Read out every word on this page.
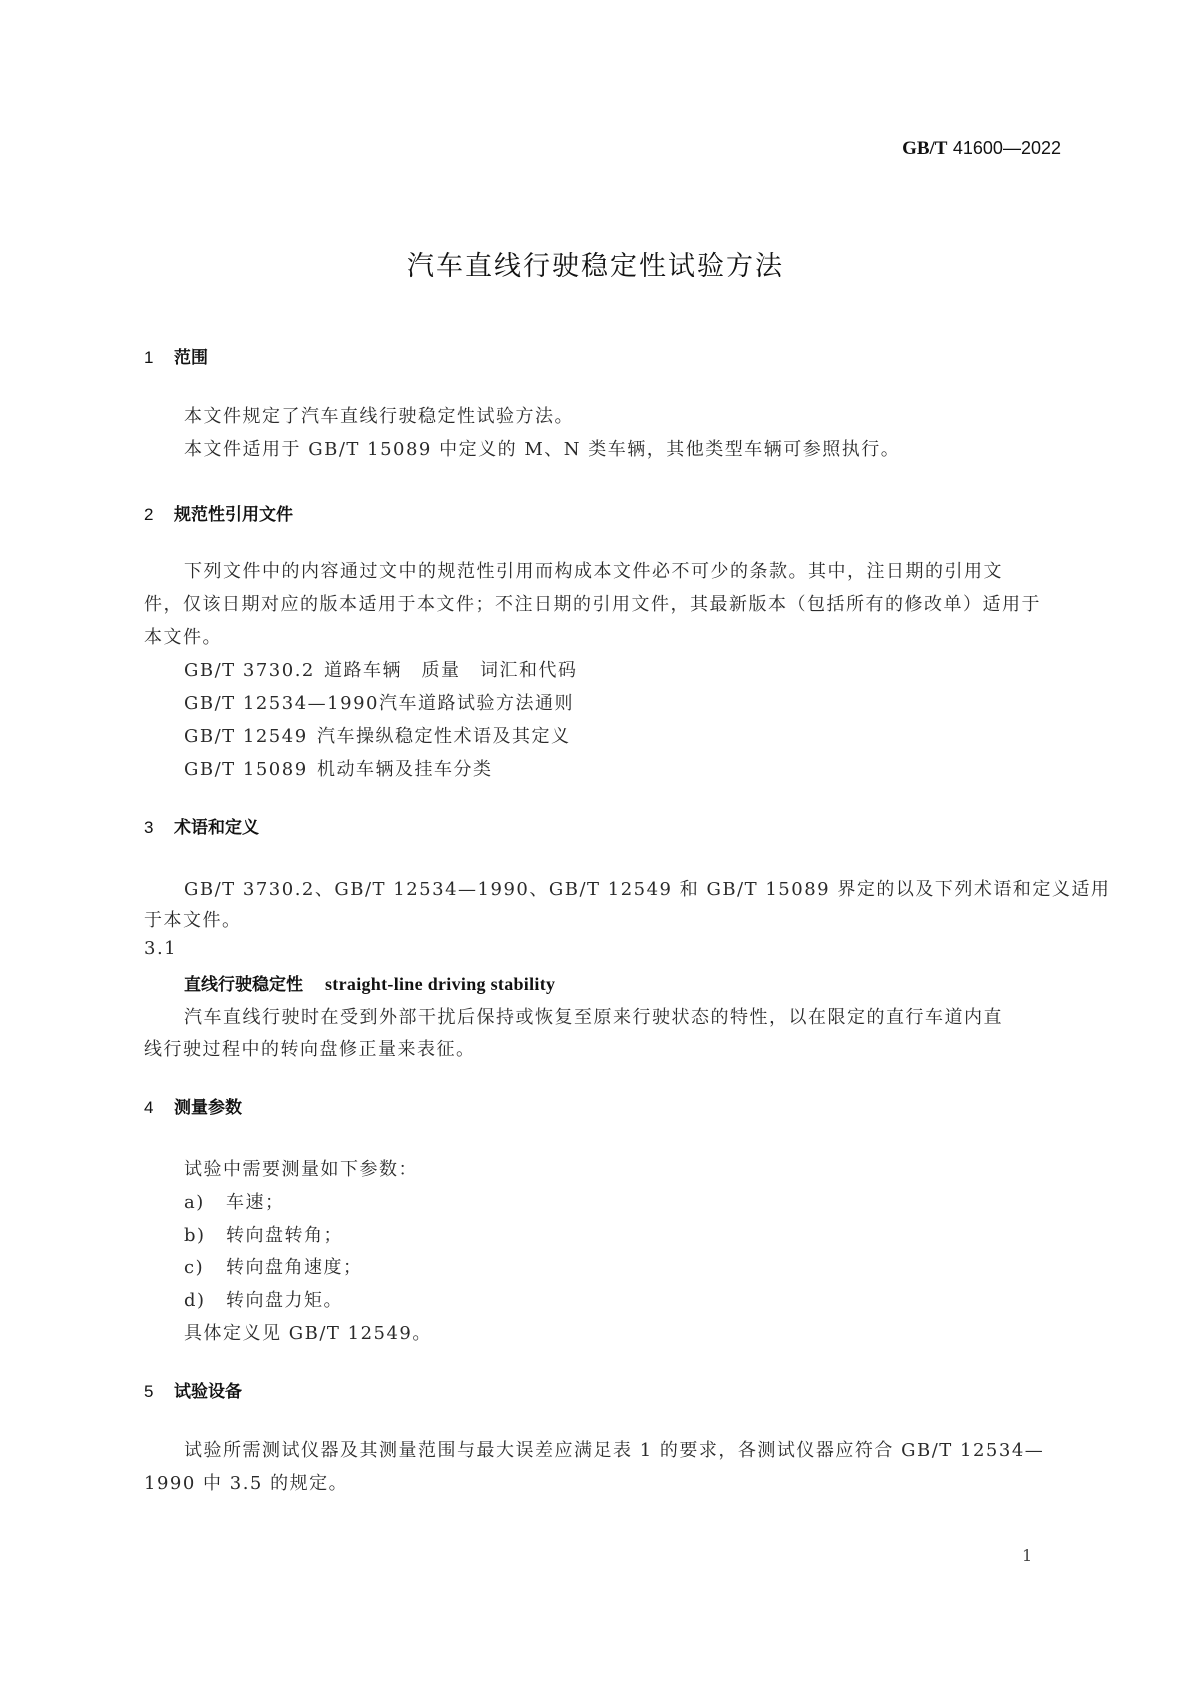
GB/T 41600—2022
汽车直线行驶稳定性试验方法
1 范围
本文件规定了汽车直线行驶稳定性试验方法。
本文件适用于 GB/T 15089 中定义的 M、N 类车辆，其他类型车辆可参照执行。
2 规范性引用文件
下列文件中的内容通过文中的规范性引用而构成本文件必不可少的条款。其中，注日期的引用文
件，仅该日期对应的版本适用于本文件；不注日期的引用文件，其最新版本（包括所有的修改单）适用于
本文件。
GB/T 3730.2 道路车辆　质量　词汇和代码
GB/T 12534—1990汽车道路试验方法通则
GB/T 12549 汽车操纵稳定性术语及其定义
GB/T 15089 机动车辆及挂车分类
3 术语和定义
GB/T 3730.2、GB/T 12534—1990、GB/T 12549 和 GB/T 15089 界定的以及下列术语和定义适用
于本文件。
3.1
直线行驶稳定性 straight-line driving stability
汽车直线行驶时在受到外部干扰后保持或恢复至原来行驶状态的特性，以在限定的直行车道内直
线行驶过程中的转向盘修正量来表征。
4 测量参数
试验中需要测量如下参数：
a) 车速；
b) 转向盘转角；
c) 转向盘角速度；
d) 转向盘力矩。
具体定义见 GB/T 12549。
5 试验设备
试验所需测试仪器及其测量范围与最大误差应满足表 1 的要求，各测试仪器应符合 GB/T 12534—
1990 中 3.5 的规定。
1
